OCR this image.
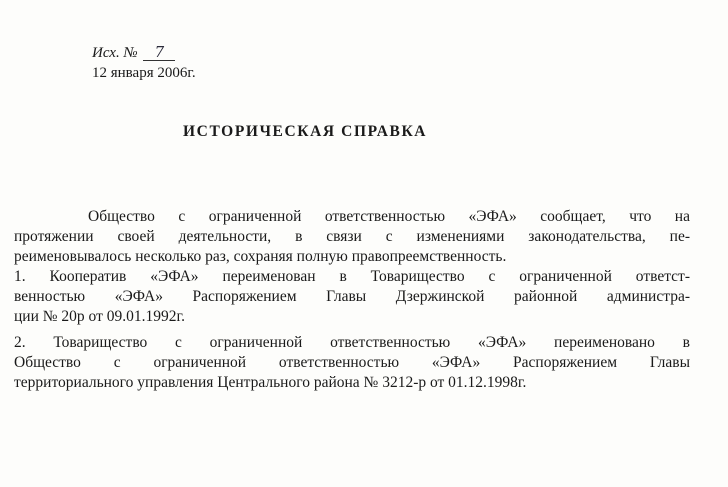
Исх. № 7
12 января 2006г.
ИСТОРИЧЕСКАЯ СПРАВКА
Общество с ограниченной ответственностью «ЭФА» сообщает, что на
протяжении своей деятельности, в связи с изменениями законодательства, пе-
реименовывалось несколько раз, сохраняя полную правопреемственность.
1. Кооператив «ЭФА» переименован в Товарищество с ограниченной ответст-
венностью «ЭФА» Распоряжением Главы Дзержинской районной администра-
ции № 20р от 09.01.1992г.
2. Товарищество с ограниченной ответственностью «ЭФА» переименовано в
Общество с ограниченной ответственностью «ЭФА» Распоряжением Главы
территориального управления Центрального района № 3212-р от 01.12.1998г.
